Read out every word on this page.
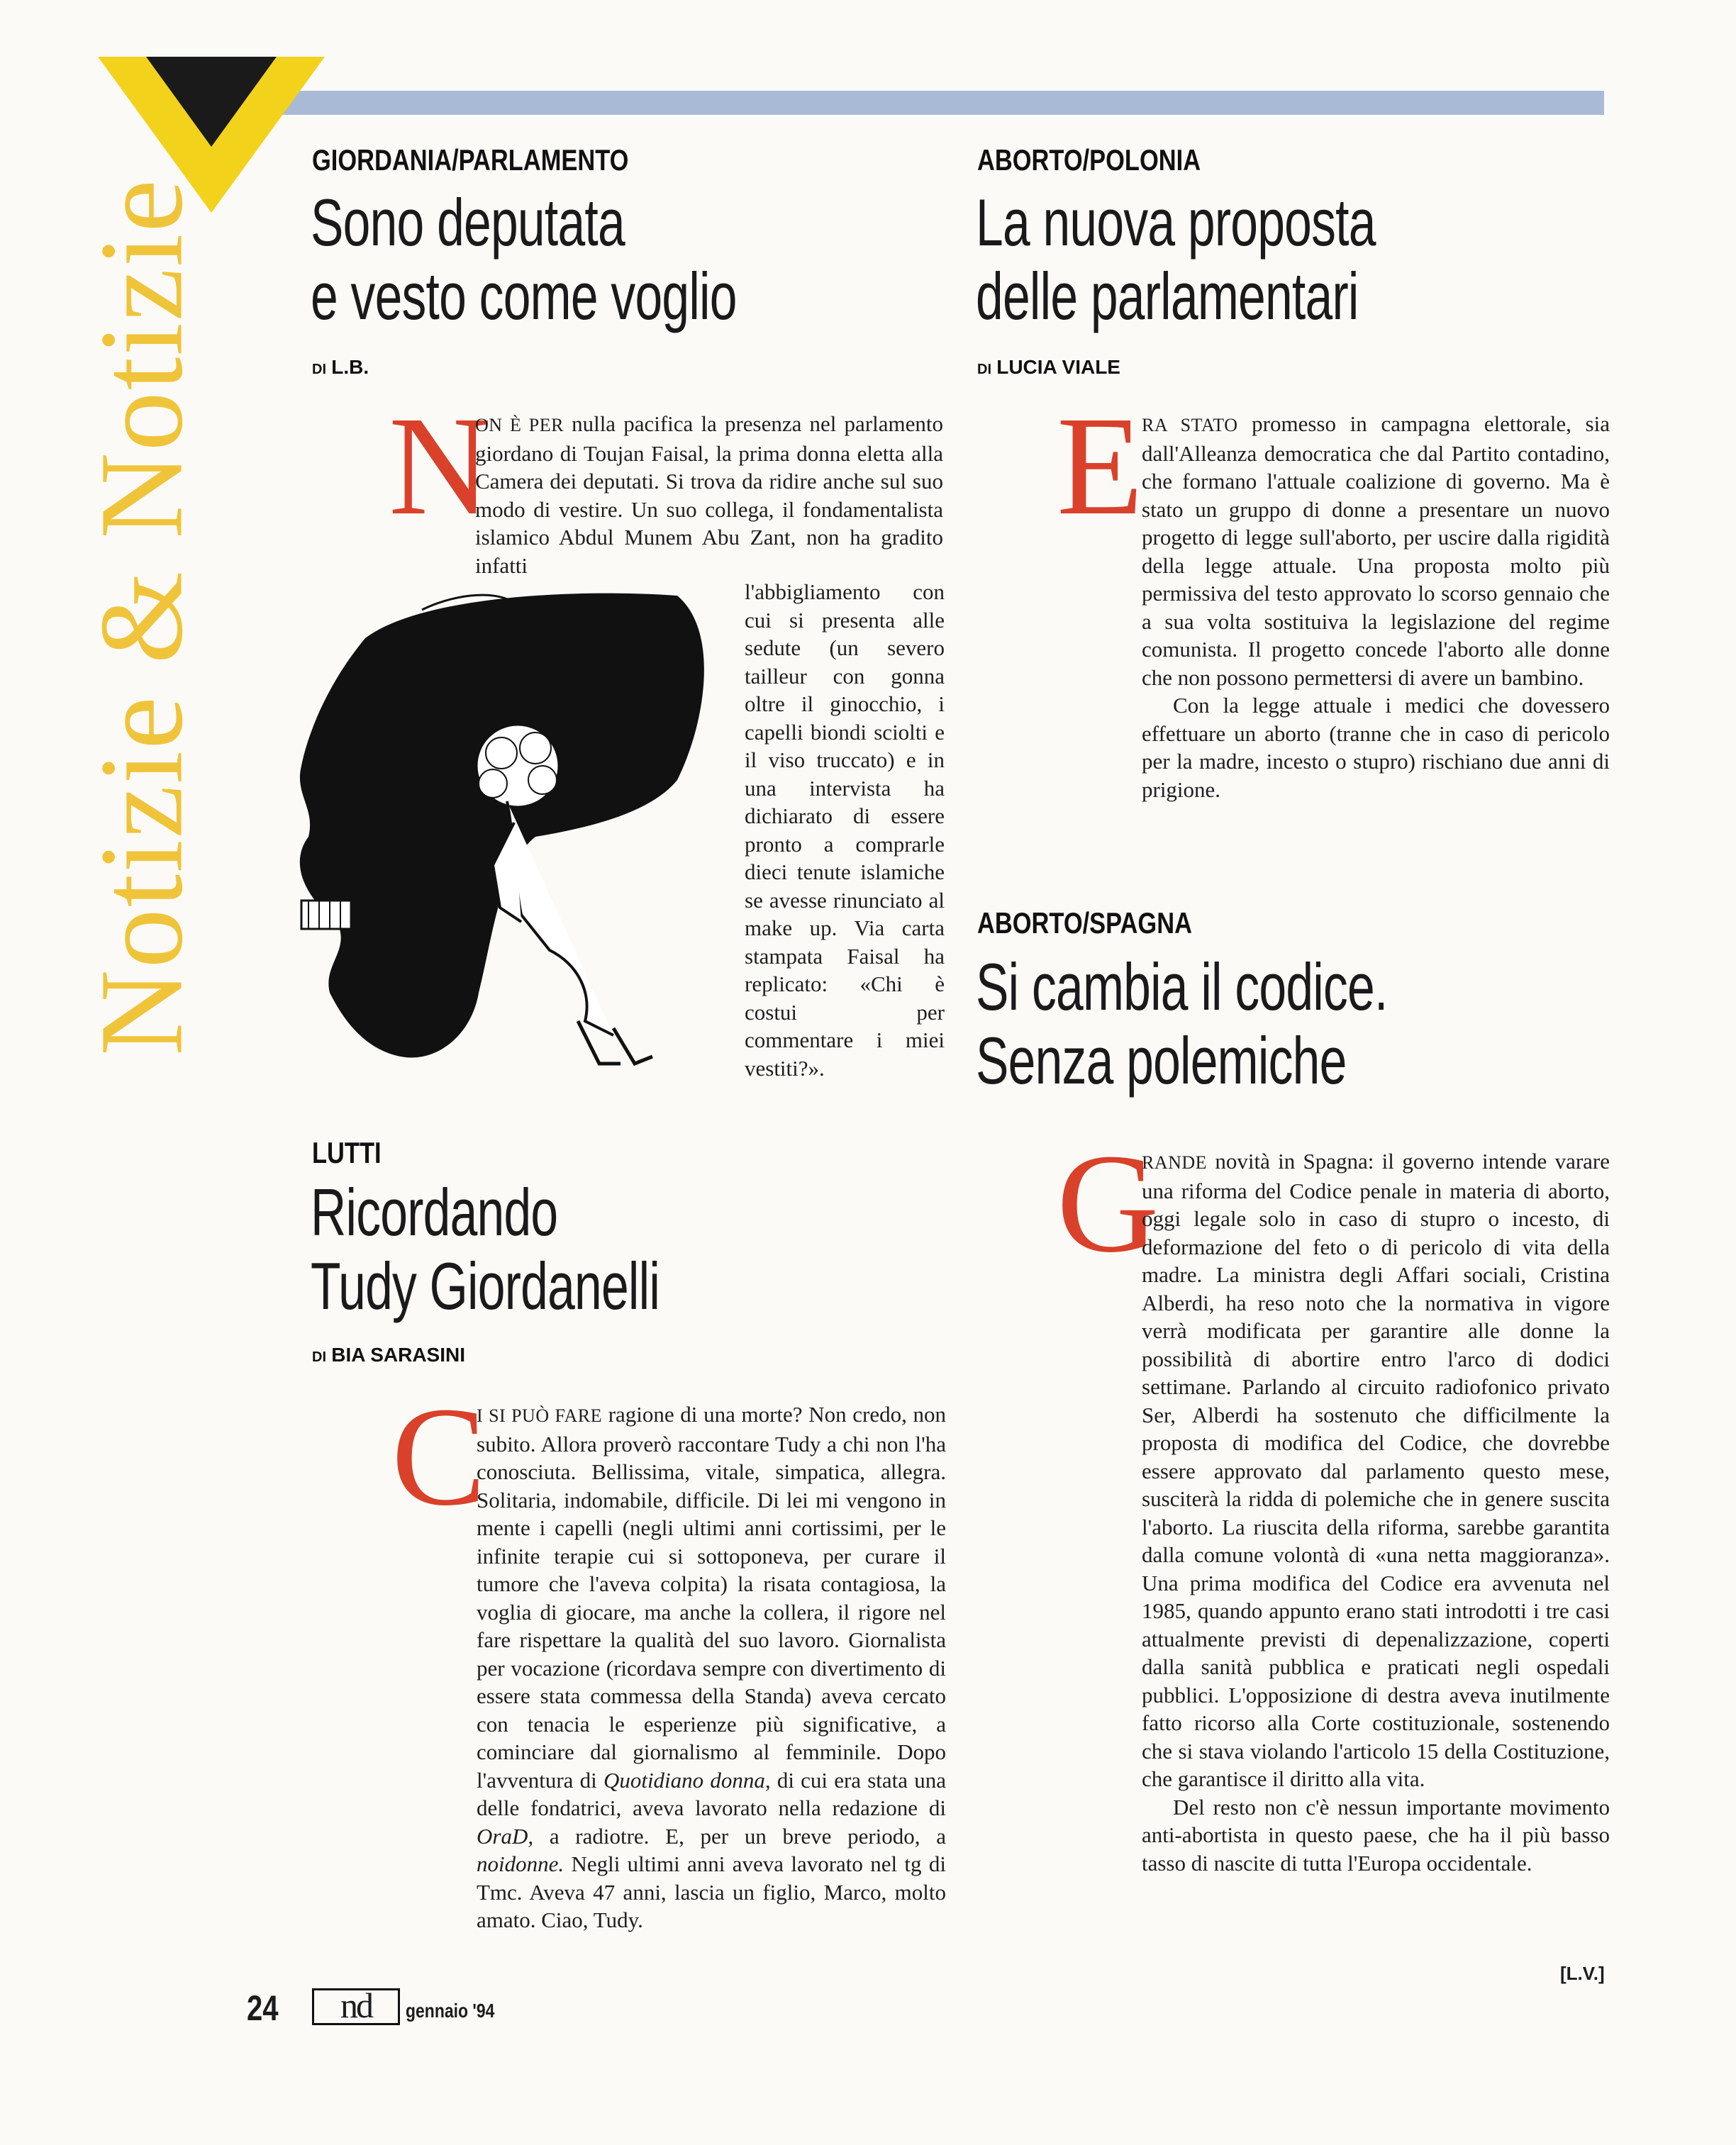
Notizie & Notizie
GIORDANIA/PARLAMENTO
Sono deputata
e vesto come voglio
DI L.B.
N

ON È PER nulla pacifica la presenza nel parlamento giordano di Toujan Faisal, la prima donna eletta alla Camera dei deputati. Si trova da ridire anche sul suo modo di vestire. Un suo collega, il fondamentalista islamico Abdul Munem Abu Zant, non ha gradito infatti

l'abbigliamento con cui si presenta alle sedute (un severo tailleur con gonna oltre il ginocchio, i capelli biondi sciolti e il viso truccato) e in una intervista ha dichiarato di essere pronto a comprarle dieci tenute islamiche se avesse rinunciato al make up. Via carta stampata Faisal ha replicato: «Chi è costui per commentare i miei vestiti?».

LUTTI
Ricordando
Tudy Giordanelli
DI BIA SARASINI
C

I SI PUÒ FARE ragione di una morte? Non credo, non subito. Allora proverò raccontare Tudy a chi non l'ha conosciuta. Bellissima, vitale, simpatica, allegra. Solitaria, indomabile, difficile. Di lei mi vengono in mente i capelli (negli ultimi anni cortissimi, per le infinite terapie cui si sottoponeva, per curare il tumore che l'aveva colpita) la risata contagiosa, la voglia di giocare, ma anche la collera, il rigore nel fare rispettare la qualità del suo lavoro. Giornalista per vocazione (ricordava sempre con divertimento di essere stata commessa della Standa) aveva cercato con tenacia le esperienze più significative, a cominciare dal giornalismo al femminile. Dopo l'avventura di Quotidiano donna, di cui era stata una delle fondatrici, aveva lavorato nella redazione di OraD, a radiotre. E, per un breve periodo, a noidonne. Negli ultimi anni aveva lavorato nel tg di Tmc. Aveva 47 anni, lascia un figlio, Marco, molto amato. Ciao, Tudy.

ABORTO/POLONIA
La nuova proposta
delle parlamentari
DI LUCIA VIALE
E

RA STATO promesso in campagna elettorale, sia dall'Alleanza democratica che dal Partito contadino, che formano l'attuale coalizione di governo. Ma è stato un gruppo di donne a presentare un nuovo progetto di legge sull'aborto, per uscire dalla rigidità della legge attuale. Una proposta molto più permissiva del testo approvato lo scorso gennaio che a sua volta sostituiva la legislazione del regime comunista. Il progetto concede l'aborto alle donne che non possono permettersi di avere un bambino.

Con la legge attuale i medici che dovessero effettuare un aborto (tranne che in caso di pericolo per la madre, incesto o stupro) rischiano due anni di prigione.

ABORTO/SPAGNA
Si cambia il codice.
Senza polemiche
G

RANDE novità in Spagna: il governo intende varare una riforma del Codice penale in materia di aborto, oggi legale solo in caso di stupro o incesto, di deformazione del feto o di pericolo di vita della madre. La ministra degli Affari sociali, Cristina Alberdi, ha reso noto che la normativa in vigore verrà modificata per garantire alle donne la possibilità di abortire entro l'arco di dodici settimane. Parlando al circuito radiofonico privato Ser, Alberdi ha sostenuto che difficilmente la proposta di modifica del Codice, che dovrebbe essere approvato dal parlamento questo mese, susciterà la ridda di polemiche che in genere suscita l'aborto. La riuscita della riforma, sarebbe garantita dalla comune volontà di «una netta maggioranza». Una prima modifica del Codice era avvenuta nel 1985, quando appunto erano stati introdotti i tre casi attualmente previsti di depenalizzazione, coperti dalla sanità pubblica e praticati negli ospedali pubblici. L'opposizione di destra aveva inutilmente fatto ricorso alla Corte costituzionale, sostenendo che si stava violando l'articolo 15 della Costituzione, che garantisce il diritto alla vita.

Del resto non c'è nessun importante movimento anti-abortista in questo paese, che ha il più basso tasso di nascite di tutta l'Europa occidentale.

[L.V.]
24	nd	gennaio '94
